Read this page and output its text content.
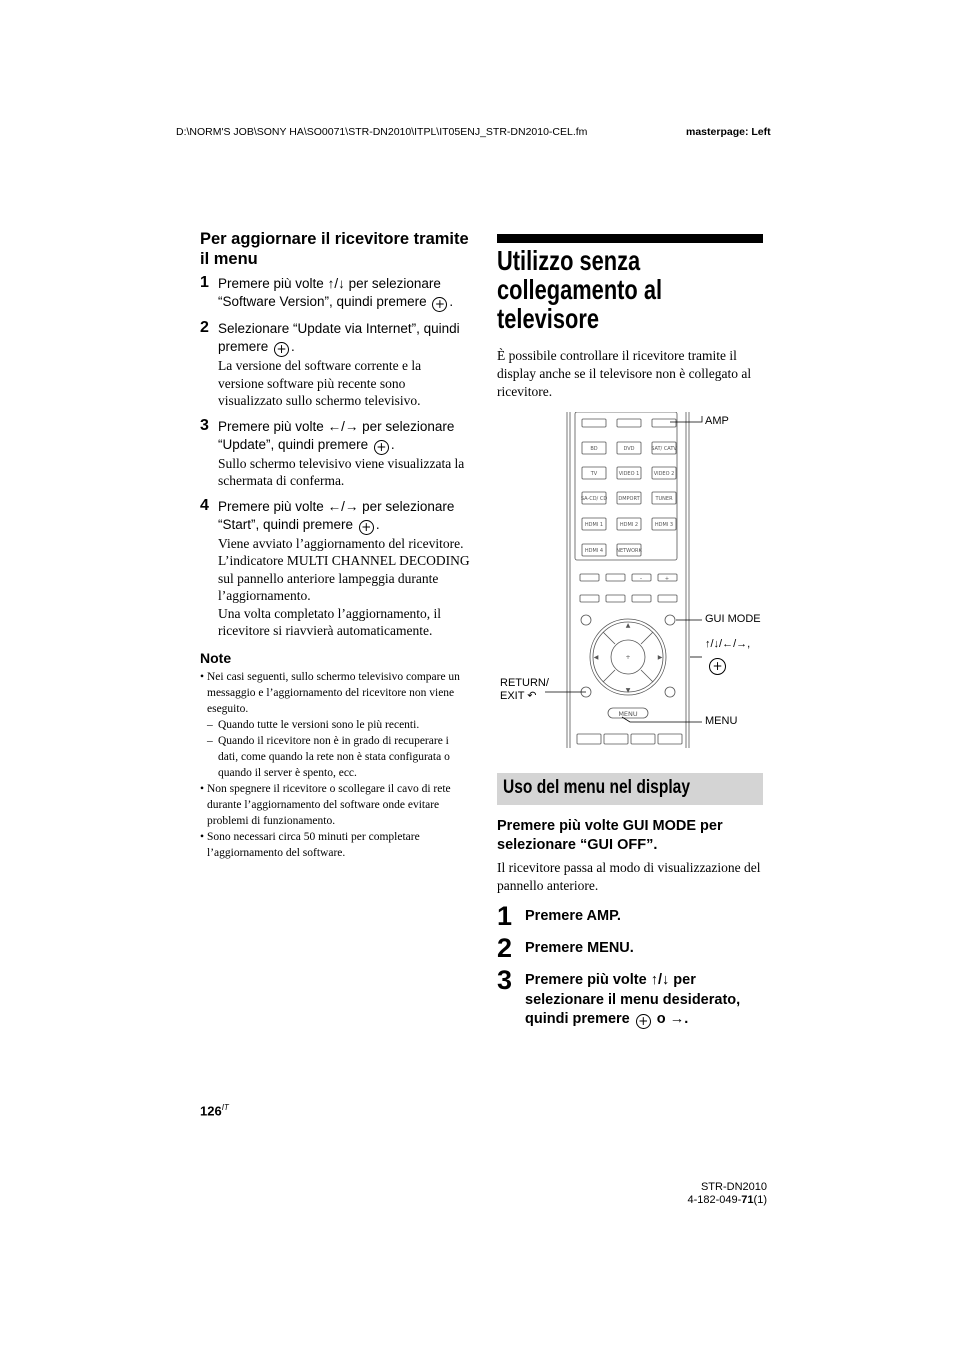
D:\NORM'S JOB\SONY HA\SO0071\STR-DN2010\ITPL\IT05ENJ_STR-DN2010-CEL.fm	masterpage: Left
Per aggiornare il ricevitore tramite il menu
1 Premere più volte ↑/↓ per selezionare “Software Version”, quindi premere + .
2 Selezionare “Update via Internet”, quindi premere + .
La versione del software corrente e la versione software più recente sono visualizzato sullo schermo televisivo.
3 Premere più volte ←/→ per selezionare “Update”, quindi premere + .
Sullo schermo televisivo viene visualizzata la schermata di conferma.
4 Premere più volte ←/→ per selezionare “Start”, quindi premere + .
Viene avviato l’aggiornamento del ricevitore.
L’indicatore MULTI CHANNEL DECODING sul pannello anteriore lampeggia durante l’aggiornamento.
Una volta completato l’aggiornamento, il ricevitore si riavvierà automaticamente.
Note
• Nei casi seguenti, sullo schermo televisivo compare un messaggio e l’aggiornamento del ricevitore non viene eseguito.
– Quando tutte le versioni sono le più recenti.
– Quando il ricevitore non è in grado di recuperare i dati, come quando la rete non è stata configurata o quando il server è spento, ecc.
• Non spegnere il ricevitore o scollegare il cavo di rete durante l’aggiornamento del software onde evitare problemi di funzionamento.
• Sono necessari circa 50 minuti per completare l’aggiornamento del software.
Utilizzo senza
collegamento al
televisore
È possibile controllare il ricevitore tramite il display anche se il televisore non è collegato al ricevitore.
BD	DVD	SAT/ CATV
TV	VIDEO 1	VIDEO 2
SA-CD/ CD DMPORT	TUNER
HDMI 1	HDMI 2	HDMI 3
HDMI 4	NETWORK
–	+
MENU
▲
▼
◀	▶
+
AMP
GUI MODE
↑/↓/←/→,
+
RETURN/
EXIT ↶
MENU
Uso del menu nel display
Premere più volte GUI MODE per selezionare “GUI OFF”.
Il ricevitore passa al modo di visualizzazione del pannello anteriore.
1 Premere AMP.
2 Premere MENU.
3 Premere più volte ↑/↓ per selezionare il menu desiderato, quindi premere + o →.
$126^{IT}$
STR-DN2010
4-182-049-71(1)
